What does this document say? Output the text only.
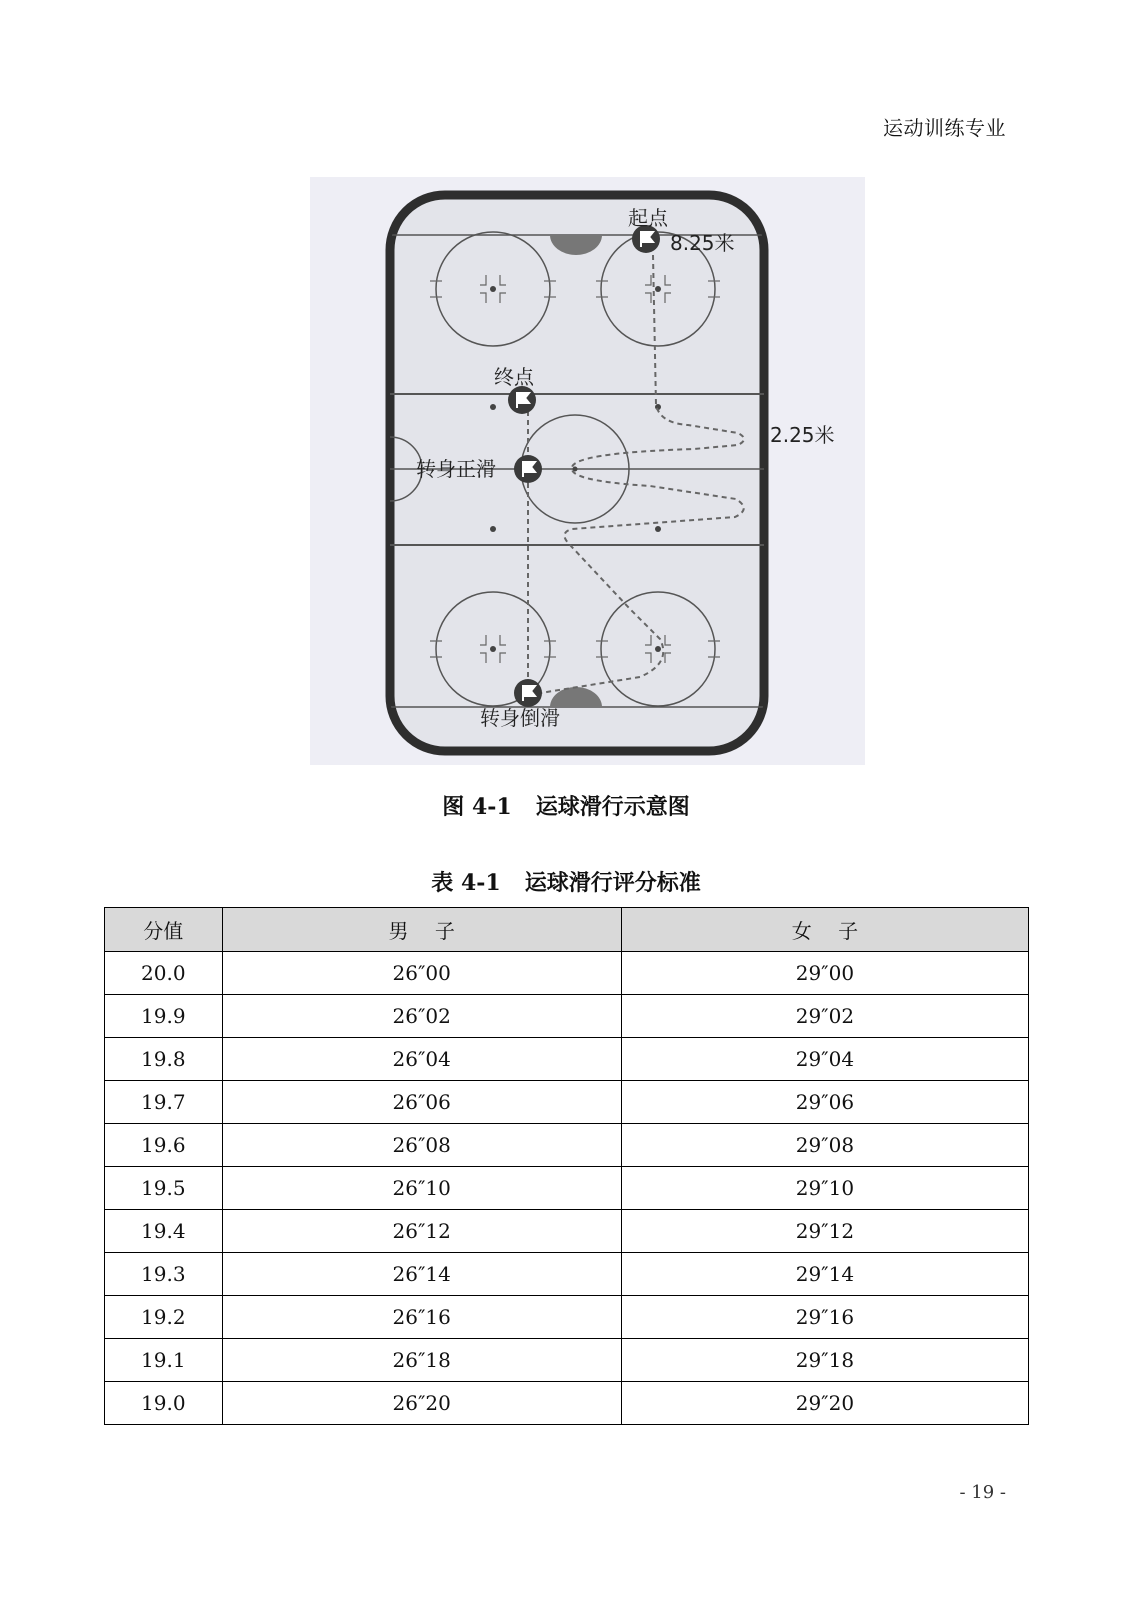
运动训练专业
起点
8.25米
终点
转身正滑
转身倒滑
2.25米
图 4-1 运球滑行示意图
表 4-1 运球滑行评分标准
分值	男　 子	女　 子
20.0	26″00	29″00
19.9	26″02	29″02
19.8	26″04	29″04
19.7	26″06	29″06
19.6	26″08	29″08
19.5	26″10	29″10
19.4	26″12	29″12
19.3	26″14	29″14
19.2	26″16	29″16
19.1	26″18	29″18
19.0	26″20	29″20
- 19 -
